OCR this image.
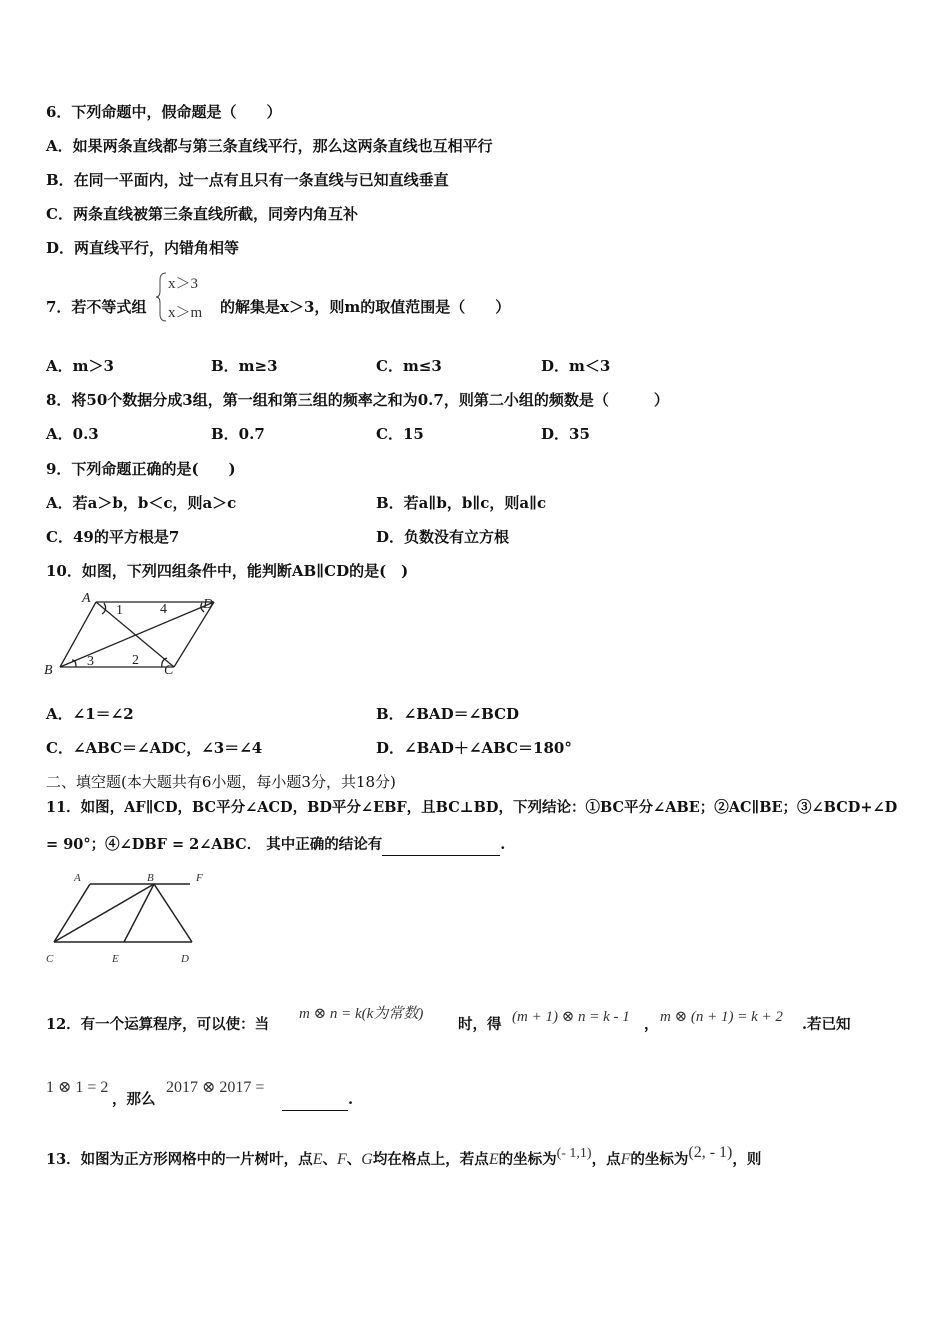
6．下列命题中，假命题是（　　）
A．如果两条直线都与第三条直线平行，那么这两条直线也互相平行
B．在同一平面内，过一点有且只有一条直线与已知直线垂直
C．两条直线被第三条直线所截，同旁内角互补
D．两直线平行，内错角相等
7．若不等式组
x＞3
x＞m 的解集是x＞3，则m的取值范围是（　　）
A．m＞3	B．m≥3	C．m≤3	D．m＜3
8．将50个数据分成3组，第一组和第三组的频率之和为0.7，则第二小组的频数是（　　　）
A．0.3	B．0.7	C．15	D．35
9．下列命题正确的是(　　)
A．若a＞b，b＜c，则a＞c	B．若a∥b，b∥c，则a∥c
C．49的平方根是7	D．负数没有立方根
10．如图，下列四组条件中，能判断AB∥CD的是(　)
A	D
B	C
1	4
3	2
A．∠1＝∠2	B．∠BAD＝∠BCD
C．∠ABC＝∠ADC，∠3＝∠4	D．∠BAD＋∠ABC＝180°
二、填空题(本大题共有6小题，每小题3分，共18分)
11．如图，AF∥CD，BC平分∠ACD，BD平分∠EBF，且BC⊥BD，下列结论：①BC平分∠ABE；②AC∥BE；③∠BCD+∠D
= 90°；④∠DBF = 2∠ABC． 其中正确的结论有	.
A	B	F
C	E	D
12．有一个运算程序，可以使：当
m ⊗ n = k(k为常数)
时，得 (m + 1) ⊗ n = k - 1 ， m ⊗ (n + 1) = k + 2 .若已知
1 ⊗ 1 = 2
，那么
2017 ⊗ 2017 =
.
13．如图为正方形网格中的一片树叶，点E、F、G均在格点上，若点E的坐标为(- 1,1)，点F的坐标为(2, - 1)，则
